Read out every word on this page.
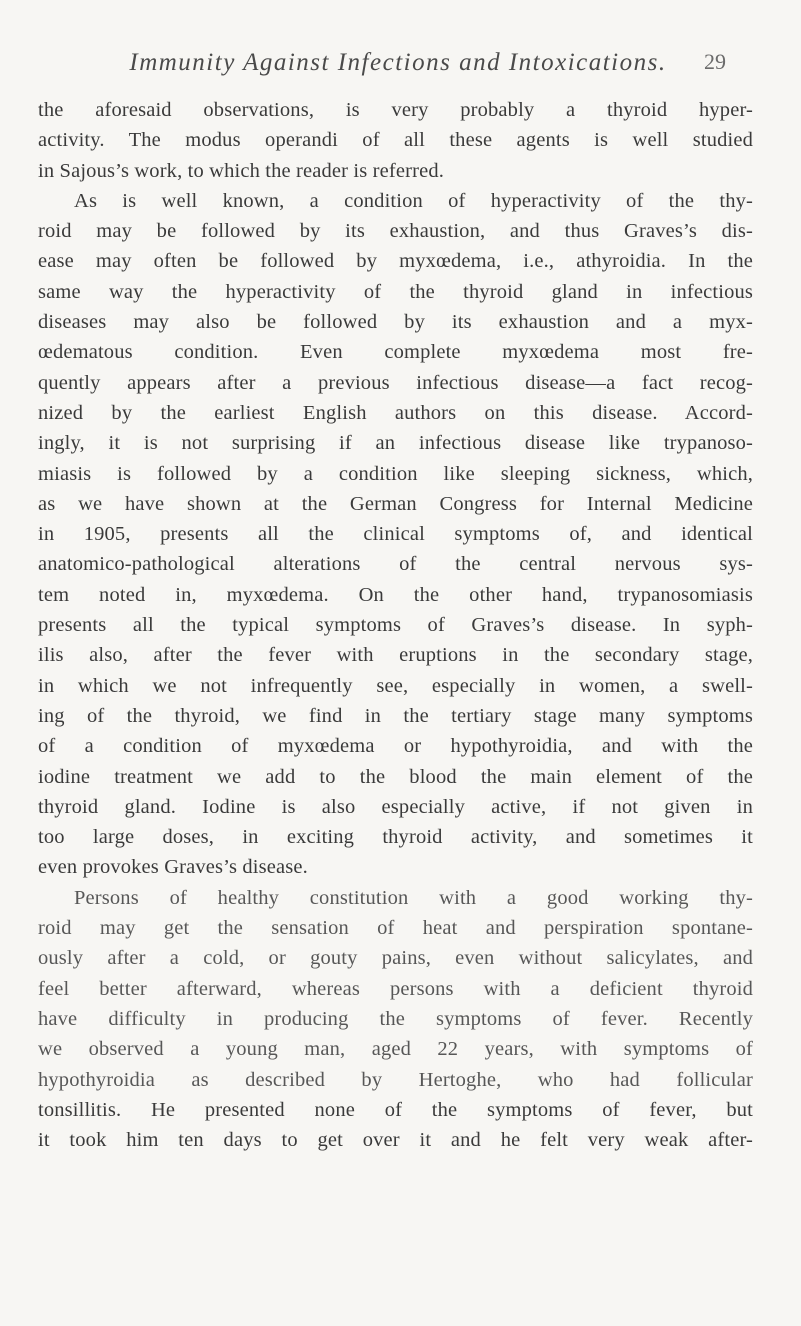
Immunity Against Infections and Intoxications.	29
the aforesaid observations, is very probably a thyroid hyper-
activity. The modus operandi of all these agents is well studied
in Sajous’s work, to which the reader is referred.
As is well known, a condition of hyperactivity of the thy-
roid may be followed by its exhaustion, and thus Graves’s dis-
ease may often be followed by myxœdema, i.e., athyroidia. In the
same way the hyperactivity of the thyroid gland in infectious
diseases may also be followed by its exhaustion and a myx-
œdematous condition. Even complete myxœdema most fre-
quently appears after a previous infectious disease—a fact recog-
nized by the earliest English authors on this disease. Accord-
ingly, it is not surprising if an infectious disease like trypanoso-
miasis is followed by a condition like sleeping sickness, which,
as we have shown at the German Congress for Internal Medicine
in 1905, presents all the clinical symptoms of, and identical
anatomico-pathological alterations of the central nervous sys-
tem noted in, myxœdema. On the other hand, trypanosomiasis
presents all the typical symptoms of Graves’s disease. In syph-
ilis also, after the fever with eruptions in the secondary stage,
in which we not infrequently see, especially in women, a swell-
ing of the thyroid, we find in the tertiary stage many symptoms
of a condition of myxœdema or hypothyroidia, and with the
iodine treatment we add to the blood the main element of the
thyroid gland. Iodine is also especially active, if not given in
too large doses, in exciting thyroid activity, and sometimes it
even provokes Graves’s disease.
Persons of healthy constitution with a good working thy-
roid may get the sensation of heat and perspiration spontane-
ously after a cold, or gouty pains, even without salicylates, and
feel better afterward, whereas persons with a deficient thyroid
have difficulty in producing the symptoms of fever. Recently
we observed a young man, aged 22 years, with symptoms of
hypothyroidia as described by Hertoghe, who had follicular
tonsillitis. He presented none of the symptoms of fever, but
it took him ten days to get over it and he felt very weak after-
